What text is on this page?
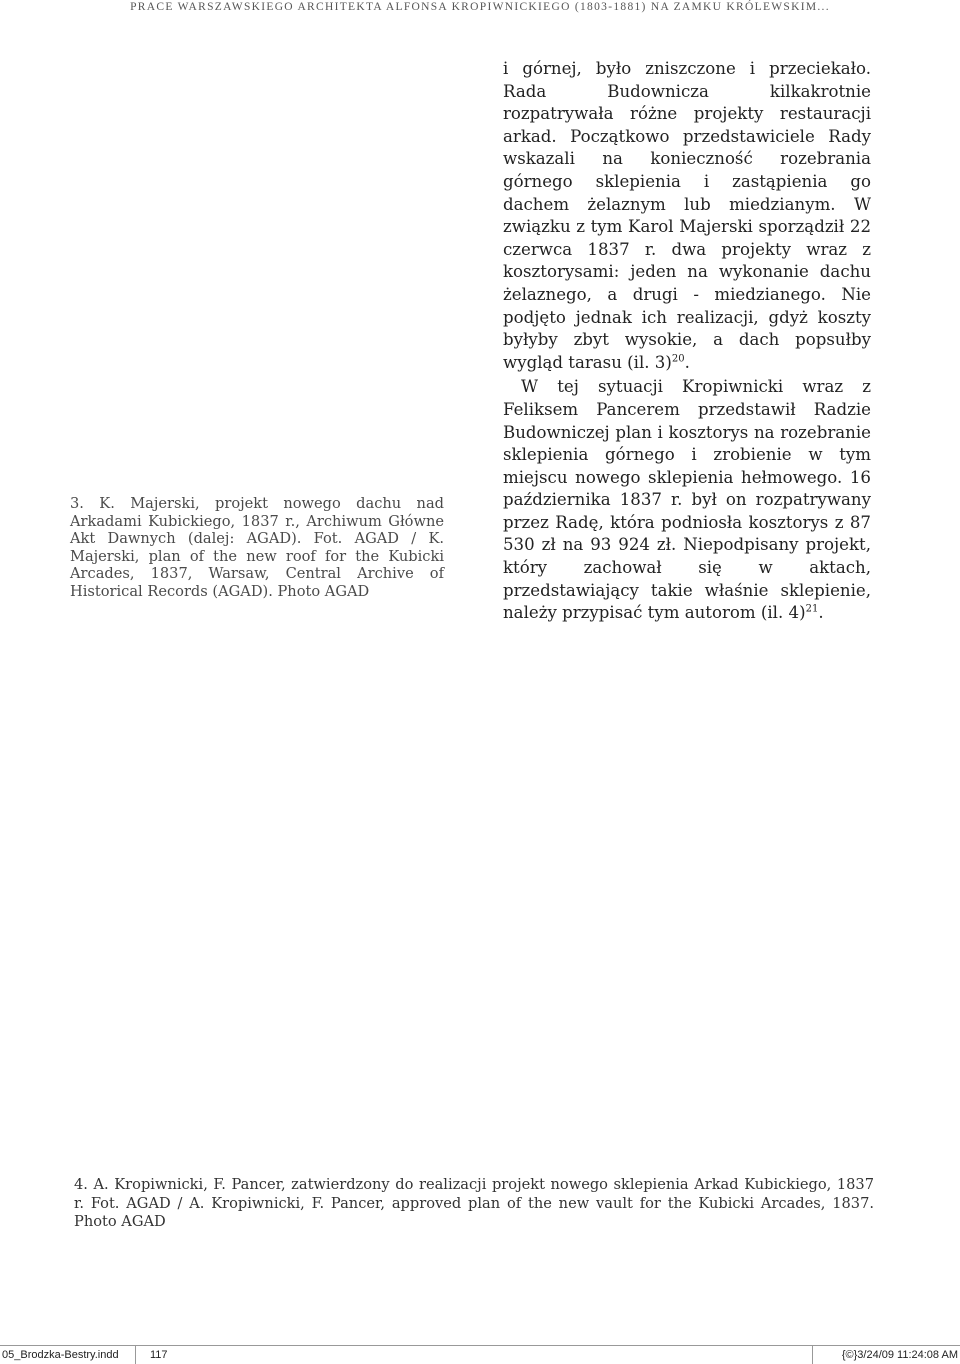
PRACE WARSZAWSKIEGO ARCHITEKTA ALFONSA KROPIWNICKIEGO (1803-1881) NA ZAMKU KRÓLEWSKIM...

3. K. Majerski, projekt nowego dachu nad Arkadami Kubickiego, 1837 r., Archiwum Główne Akt Dawnych (dalej: AGAD). Fot. AGAD / K. Majerski, plan of the new roof for the Kubicki Arcades, 1837, Warsaw, Central Archive of Historical Records (AGAD). Photo AGAD

i górnej, było zniszczone i przeciekało. Rada Budownicza kilkakrotnie rozpatrywała różne projekty restauracji arkad. Początkowo przedstawiciele Rady wskazali na konieczność rozebrania górnego sklepienia i zastąpienia go dachem żelaznym lub miedzianym. W związku z tym Karol Majerski sporządził 22 czerwca 1837 r. dwa projekty wraz z kosztorysami: jeden na wykonanie dachu żelaznego, a drugi - miedzianego. Nie podjęto jednak ich realizacji, gdyż koszty byłyby zbyt wysokie, a dach popsułby wygląd tarasu (il. 3)$^{20}$.

W tej sytuacji Kropiwnicki wraz z Feliksem Pancerem przedstawił Radzie Budowniczej plan i kosztorys na rozebranie sklepienia górnego i zrobienie w tym miejscu nowego sklepienia hełmowego. 16 października 1837 r. był on rozpatrywany przez Radę, która podniosła kosztorys z 87 530 zł na 93 924 zł. Niepodpisany projekt, który zachował się w aktach, przedstawiający takie właśnie sklepienie, należy przypisać tym autorom (il. 4)$^{21}$.

4. A. Kropiwnicki, F. Pancer, zatwierdzony do realizacji projekt nowego sklepienia Arkad Kubickiego, 1837 r. Fot. AGAD / A. Kropiwnicki, F. Pancer, approved plan of the new vault for the Kubicki Arcades, 1837. Photo AGAD

05_Brodzka-Bestry.indd	117	{©}3/24/09 11:24:08 AM
